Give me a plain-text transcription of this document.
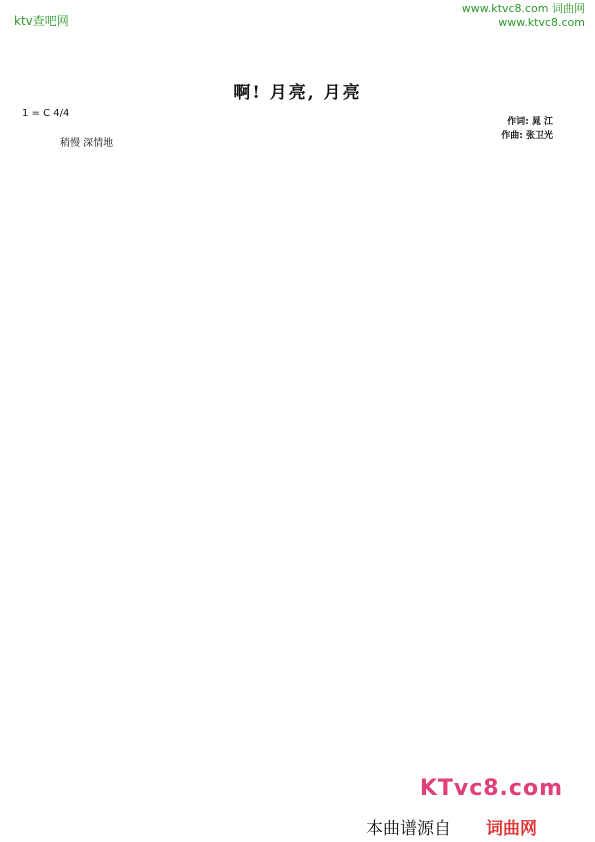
ktv查吧网
www.ktvc8.com 词曲网
www.ktvc8.com
啊! 月亮, 月亮
1 = C 4/4
稍慢 深情地
作词: 晁 江
作曲: 张卫光
KTvc8.com
本曲谱源自 词曲网
